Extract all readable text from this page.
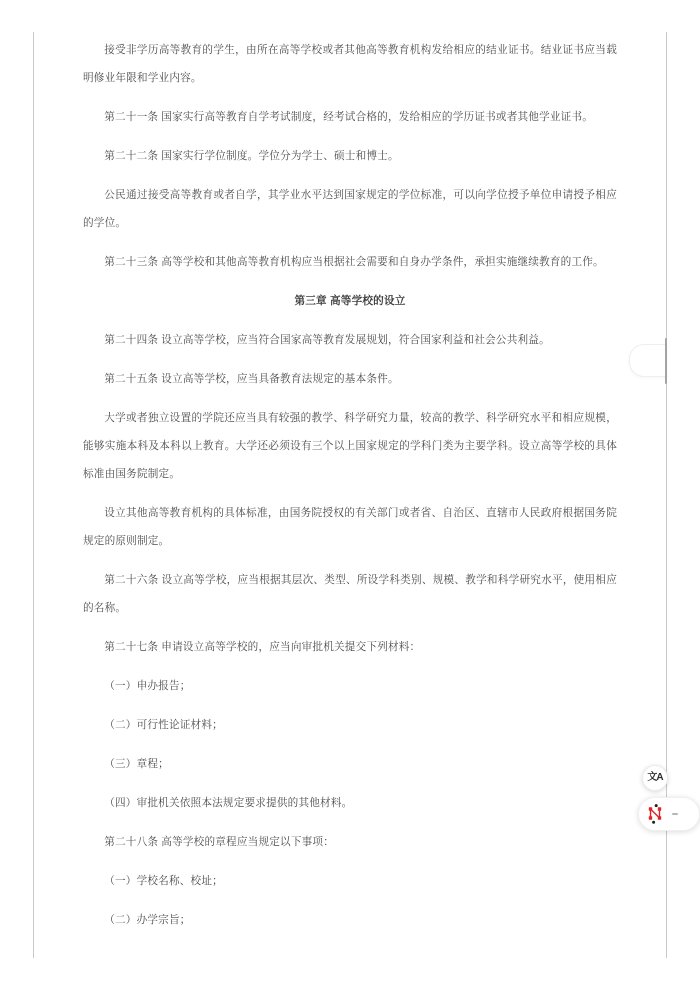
接受非学历高等教育的学生，由所在高等学校或者其他高等教育机构发给相应的结业证书。结业证书应当载明修业年限和学业内容。

第二十一条 国家实行高等教育自学考试制度，经考试合格的，发给相应的学历证书或者其他学业证书。

第二十二条 国家实行学位制度。学位分为学士、硕士和博士。

公民通过接受高等教育或者自学，其学业水平达到国家规定的学位标准，可以向学位授予单位申请授予相应的学位。

第二十三条 高等学校和其他高等教育机构应当根据社会需要和自身办学条件，承担实施继续教育的工作。

第三章 高等学校的设立

第二十四条 设立高等学校，应当符合国家高等教育发展规划，符合国家利益和社会公共利益。

第二十五条 设立高等学校，应当具备教育法规定的基本条件。

大学或者独立设置的学院还应当具有较强的教学、科学研究力量，较高的教学、科学研究水平和相应规模，能够实施本科及本科以上教育。大学还必须设有三个以上国家规定的学科门类为主要学科。设立高等学校的具体标准由国务院制定。

设立其他高等教育机构的具体标准，由国务院授权的有关部门或者省、自治区、直辖市人民政府根据国务院规定的原则制定。

第二十六条 设立高等学校，应当根据其层次、类型、所设学科类别、规模、教学和科学研究水平，使用相应的名称。

第二十七条 申请设立高等学校的，应当向审批机关提交下列材料：

（一）申办报告；

（二）可行性论证材料；

（三）章程；

（四）审批机关依照本法规定要求提供的其他材料。

第二十八条 高等学校的章程应当规定以下事项：

（一）学校名称、校址；

（二）办学宗旨；

文A
